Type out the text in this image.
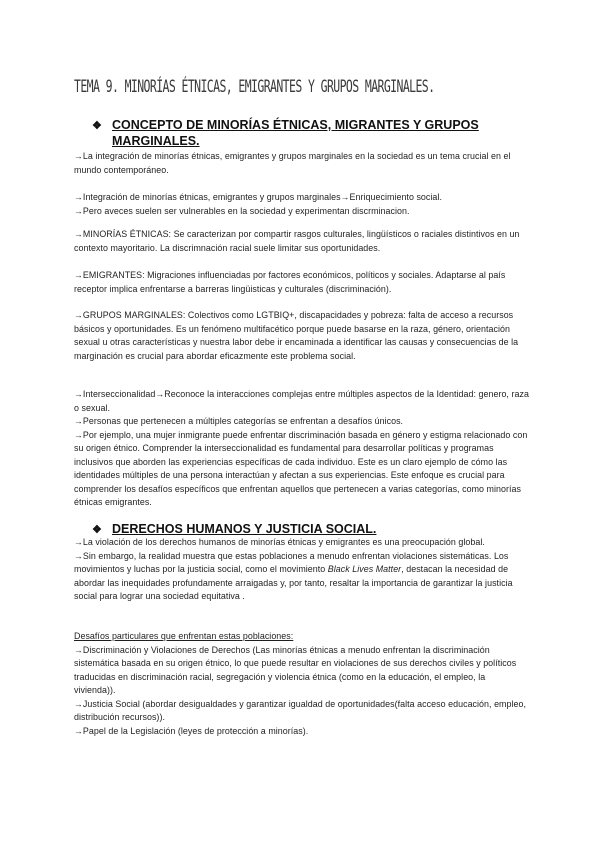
TEMA 9. MINORÍAS ÉTNICAS, EMIGRANTES Y GRUPOS MARGINALES.
❖ CONCEPTO DE MINORÍAS ÉTNICAS, MIGRANTES Y GRUPOS
MARGINALES.

→La integración de minorías étnicas, emigrantes y grupos marginales en la sociedad es un tema crucial en el mundo contemporáneo.

→Integración de minorías étnicas, emigrantes y grupos marginales→Enriquecimiento social.

→Pero aveces suelen ser vulnerables en la sociedad y experimentan discrminacion.

→MINORÍAS ÉTNICAS: Se caracterizan por compartir rasgos culturales, lingüísticos o raciales distintivos en un contexto mayoritario. La discrimnación racial suele limitar sus oportunidades.

→EMIGRANTES: Migraciones influenciadas por factores económicos, políticos y sociales. Adaptarse al país receptor implica enfrentarse a barreras lingüisticas y culturales (discriminación).

→GRUPOS MARGINALES: Colectivos como LGTBIQ+, discapacidades y pobreza: falta de acceso a recursos básicos y oportunidades. Es un fenómeno multifacético porque puede basarse en la raza, género, orientación sexual u otras características y nuestra labor debe ir encaminada a identificar las causas y consecuencias de la marginación es crucial para abordar eficazmente este problema social.

→Interseccionalidad→Reconoce la interacciones complejas entre múltiples aspectos de la Identidad: genero, raza o sexual.

→Personas que pertenecen a múltiples categorías se enfrentan a desafíos únicos.

→Por ejemplo, una mujer inmigrante puede enfrentar discriminación basada en género y estigma relacionado con su origen étnico. Comprender la interseccionalidad es fundamental para desarrollar políticas y programas inclusivos que aborden las experiencias específicas de cada individuo. Este es un claro ejemplo de cómo las identidades múltiples de una persona interactúan y afectan a sus experiencias. Este enfoque es crucial para comprender los desafíos específicos que enfrentan aquellos que pertenecen a varias categorías, como minorías étnicas emigrantes.

❖ DERECHOS HUMANOS Y JUSTICIA SOCIAL.

→La violación de los derechos humanos de minorías étnicas y emigrantes es una preocupación global.

→Sin embargo, la realidad muestra que estas poblaciones a menudo enfrentan violaciones sistemáticas. Los movimientos y luchas por la justicia social, como el movimiento Black Lives Matter, destacan la necesidad de abordar las inequidades profundamente arraigadas y, por tanto, resaltar la importancia de garantizar la justicia social para lograr una sociedad equitativa .

Desafíos particulares que enfrentan estas poblaciones:

→Discriminación y Violaciones de Derechos (Las minorías étnicas a menudo enfrentan la discriminación sistemática basada en su origen étnico, lo que puede resultar en violaciones de sus derechos civiles y políticos traducidas en discriminación racial, segregación y violencia étnica (como en la educación, el empleo, la vivienda)).

→Justicia Social (abordar desigualdades y garantizar igualdad de oportunidades(falta acceso educación, empleo, distribución recursos)).

→Papel de la Legislación (leyes de protección a minorías).
